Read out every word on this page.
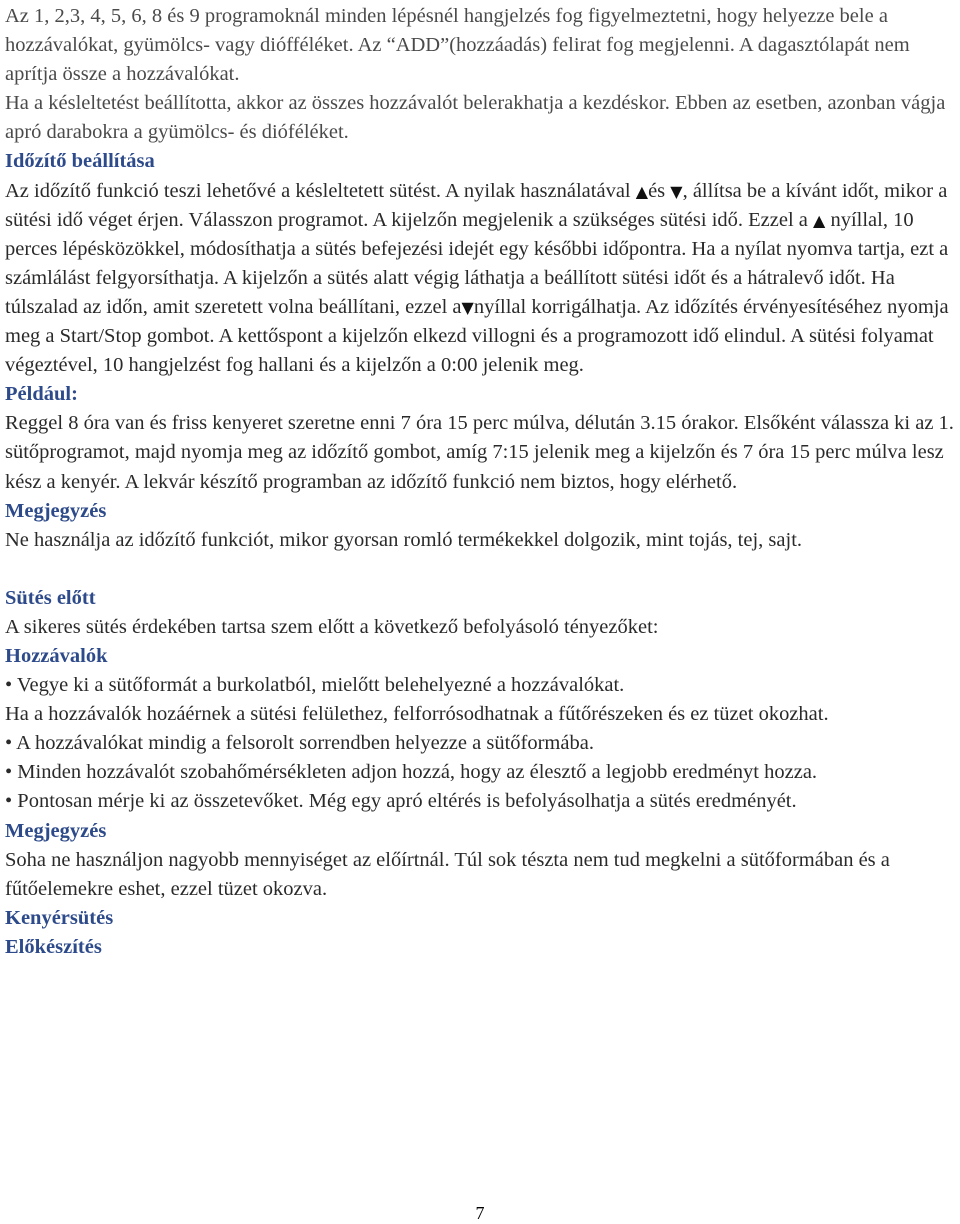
Az 1, 2,3, 4, 5, 6, 8 és 9 programoknál minden lépésnél hangjelzés fog figyelmeztetni, hogy helyezze bele a hozzávalókat, gyümölcs- vagy diófféléket. Az “ADD”(hozzáadás) felirat fog megjelenni. A dagasztólapát nem aprítja össze a hozzávalókat.

Ha a késleltetést beállította, akkor az összes hozzávalót belerakhatja a kezdéskor. Ebben az esetben, azonban vágja apró darabokra a gyümölcs- és dióféléket.

Időzítő beállítása

Az időzítő funkció teszi lehetővé a késleltetett sütést. A nyilak használatával ▲és ▼, állítsa be a kívánt időt, mikor a sütési idő véget érjen. Válasszon programot. A kijelzőn megjelenik a szükséges sütési idő. Ezzel a ▲ nyíllal, 10 perces lépésközökkel, módosíthatja a sütés befejezési idejét egy későbbi időpontra. Ha a nyílat nyomva tartja, ezt a számlálást felgyorsíthatja. A kijelzőn a sütés alatt végig láthatja a beállított sütési időt és a hátralevő időt. Ha túlszalad az időn, amit szeretett volna beállítani, ezzel a▼nyíllal korrigálhatja. Az időzítés érvényesítéséhez nyomja meg a Start/Stop gombot. A kettőspont a kijelzőn elkezd villogni és a programozott idő elindul. A sütési folyamat végeztével, 10 hangjelzést fog hallani és a kijelzőn a 0:00 jelenik meg.

Például:

Reggel 8 óra van és friss kenyeret szeretne enni 7 óra 15 perc múlva, délután 3.15 órakor. Elsőként válassza ki az 1. sütőprogramot, majd nyomja meg az időzítő gombot, amíg 7:15 jelenik meg a kijelzőn és 7 óra 15 perc múlva lesz kész a kenyér. A lekvár készítő programban az időzítő funkció nem biztos, hogy elérhető.

Megjegyzés

Ne használja az időzítő funkciót, mikor gyorsan romló termékekkel dolgozik, mint tojás, tej, sajt.

Sütés előtt

A sikeres sütés érdekében tartsa szem előtt a következő befolyásoló tényezőket:

Hozzávalók

• Vegye ki a sütőformát a burkolatból, mielőtt belehelyezné a hozzávalókat.

Ha a hozzávalók hozáérnek a sütési felülethez, felforrósodhatnak a fűtőrészeken és ez tüzet okozhat.

• A hozzávalókat mindig a felsorolt sorrendben helyezze a sütőformába.

• Minden hozzávalót szobahőmérsékleten adjon hozzá, hogy az élesztő a legjobb eredményt hozza.

• Pontosan mérje ki az összetevőket. Még egy apró eltérés is befolyásolhatja a sütés eredményét.

Megjegyzés

Soha ne használjon nagyobb mennyiséget az előírtnál. Túl sok tészta nem tud megkelni a sütőformában és a fűtőelemekre eshet, ezzel tüzet okozva.

Kenyérsütés

Előkészítés

7
